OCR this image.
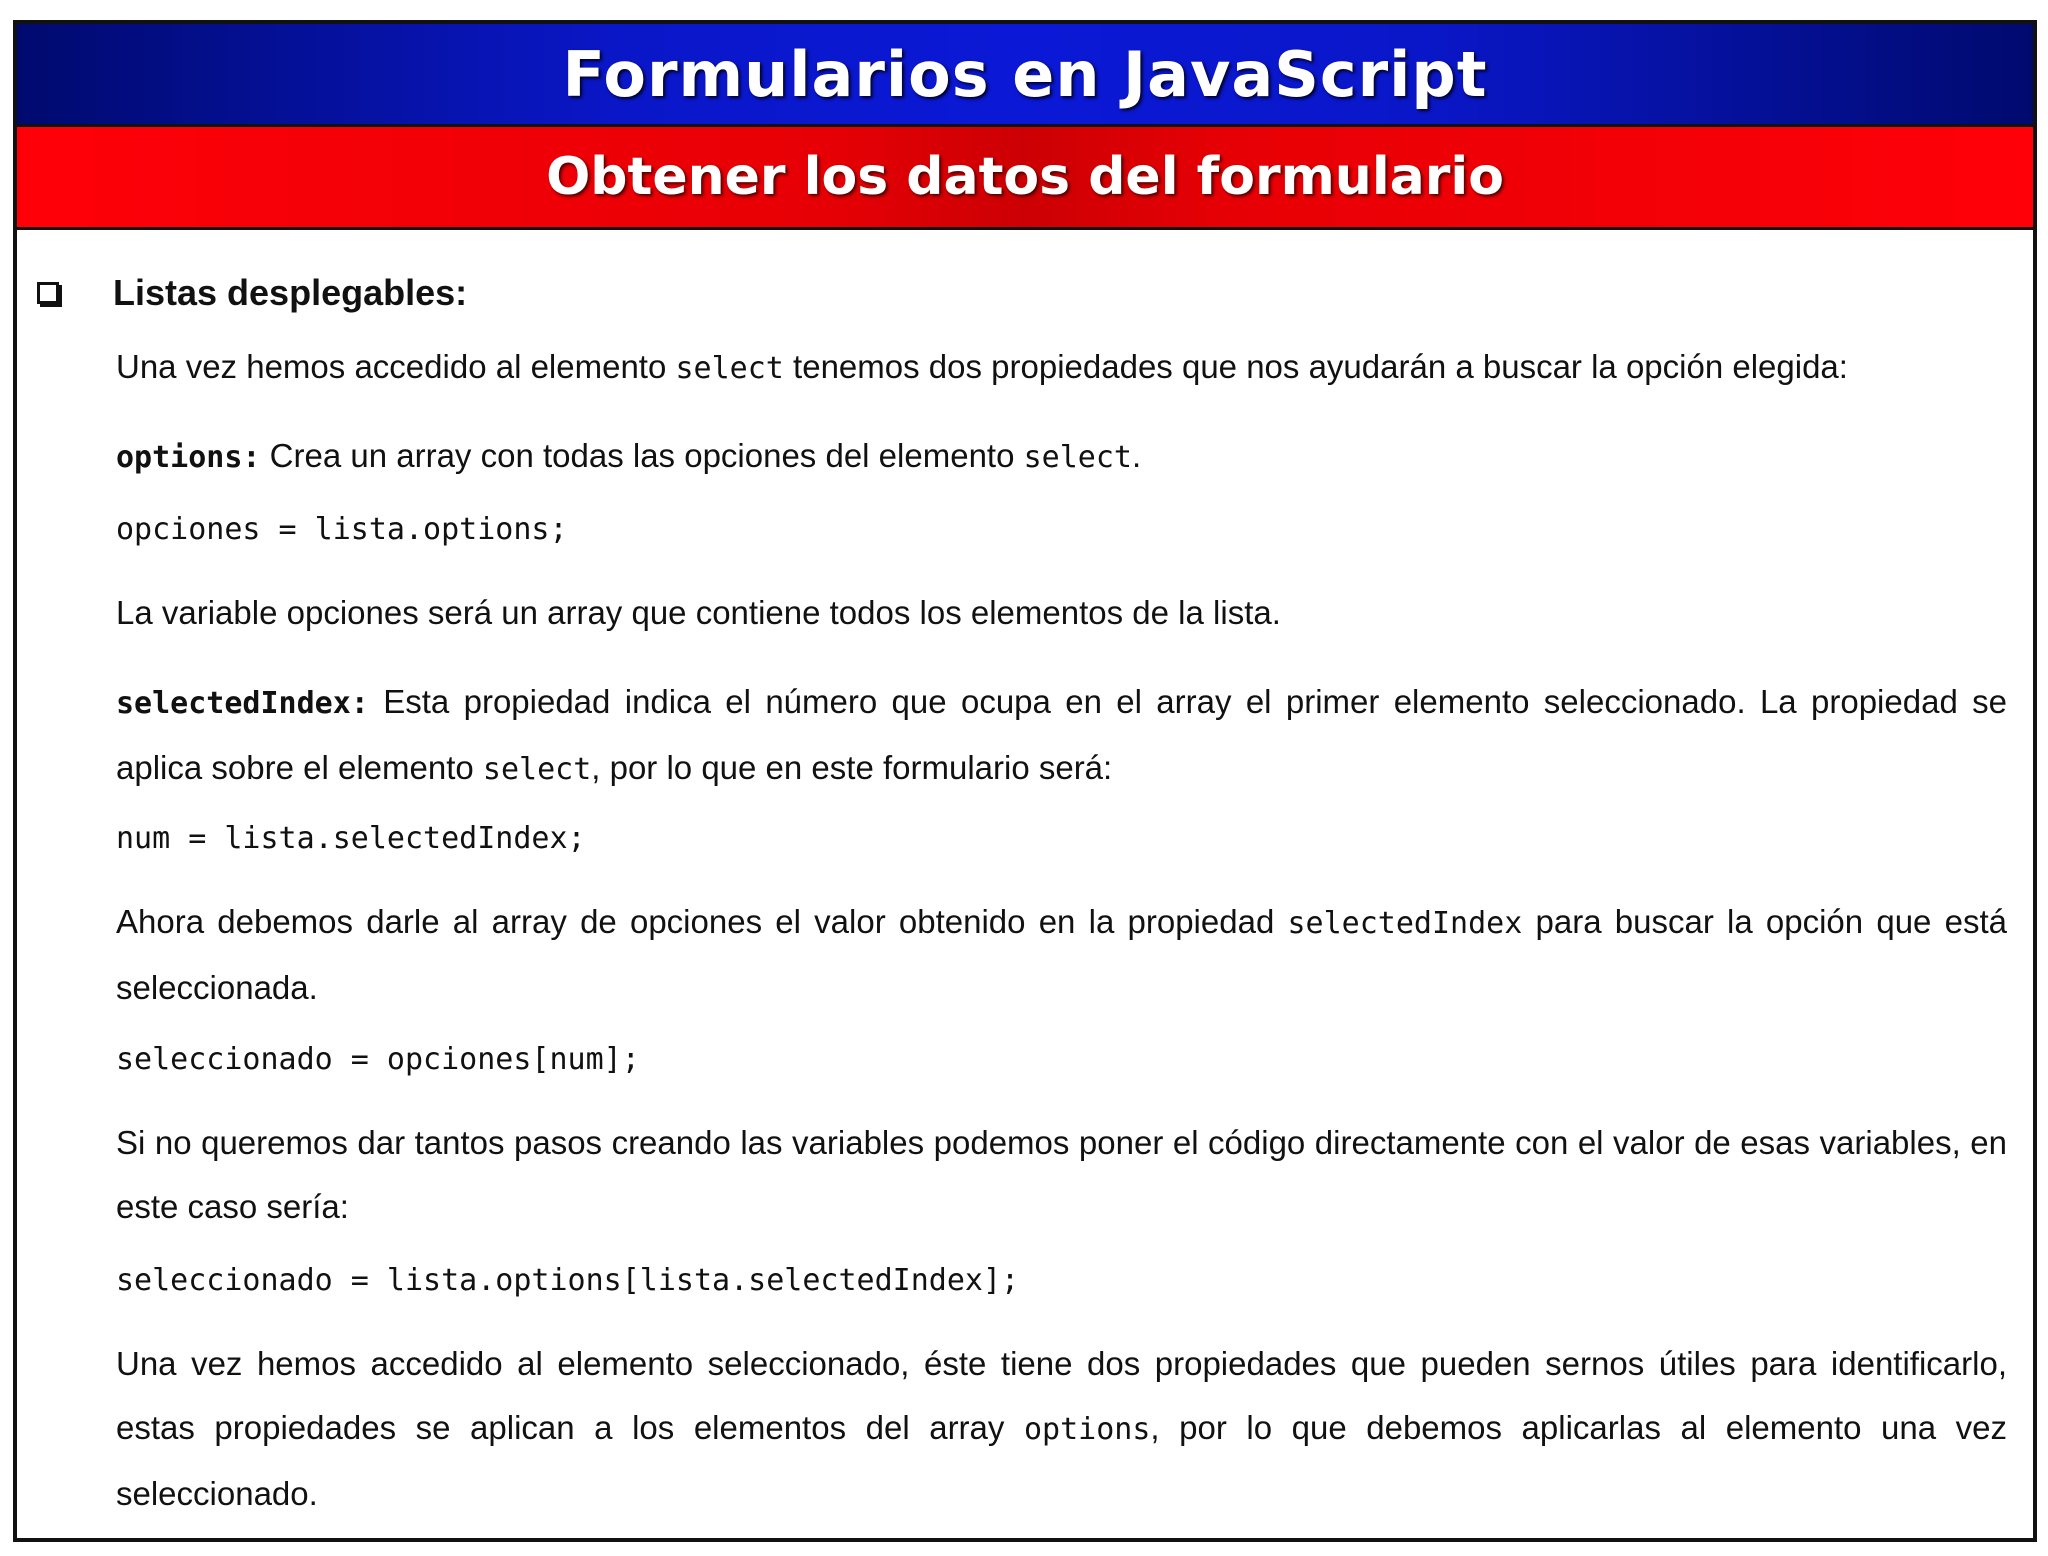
Formularios en JavaScript
Obtener los datos del formulario
Listas desplegables:
Una vez hemos accedido al elemento select tenemos dos propiedades que nos ayudarán a buscar la opción elegida:
options: Crea un array con todas las opciones del elemento select.
opciones = lista.options;
La variable opciones será un array que contiene todos los elementos de la lista.
selectedIndex: Esta propiedad indica el número que ocupa en el array el primer elemento seleccionado. La propiedad se aplica sobre el elemento select, por lo que en este formulario será:
num = lista.selectedIndex;
Ahora debemos darle al array de opciones el valor obtenido en la propiedad selectedIndex para buscar la opción que está seleccionada.
seleccionado = opciones[num];
Si no queremos dar tantos pasos creando las variables podemos poner el código directamente con el valor de esas variables, en este caso sería:
seleccionado = lista.options[lista.selectedIndex];
Una vez hemos accedido al elemento seleccionado, éste tiene dos propiedades que pueden sernos útiles para identificarlo, estas propiedades se aplican a los elementos del array options, por lo que debemos aplicarlas al elemento una vez seleccionado.
